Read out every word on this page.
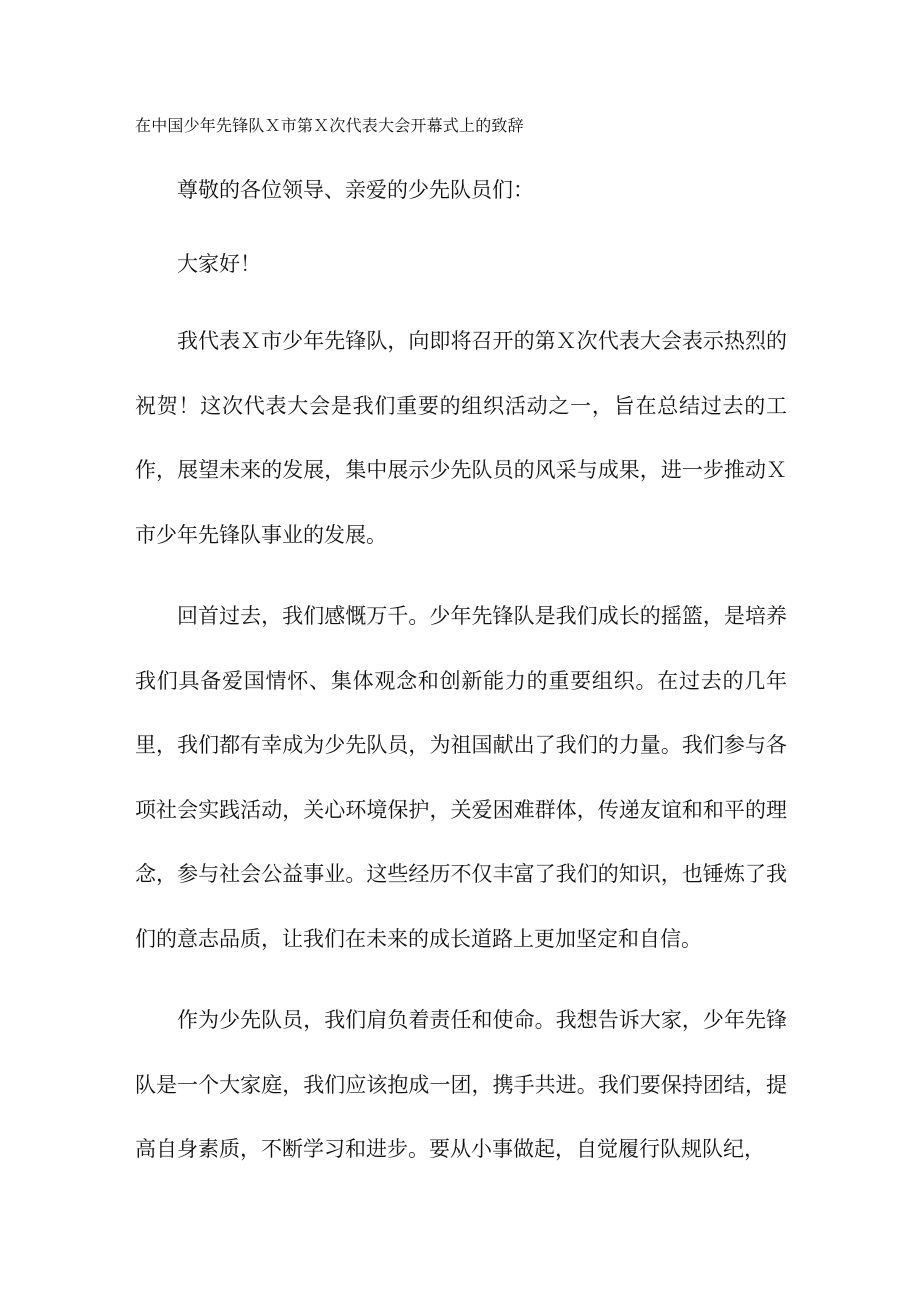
在中国少年先锋队Ｘ市第Ｘ次代表大会开幕式上的致辞

尊敬的各位领导、亲爱的少先队员们：

大家好！

我代表Ｘ市少年先锋队，向即将召开的第Ｘ次代表大会表示热烈的祝贺！这次代表大会是我们重要的组织活动之一，旨在总结过去的工作，展望未来的发展，集中展示少先队员的风采与成果，进一步推动Ｘ市少年先锋队事业的发展。

回首过去，我们感慨万千。少年先锋队是我们成长的摇篮，是培养我们具备爱国情怀、集体观念和创新能力的重要组织。在过去的几年里，我们都有幸成为少先队员，为祖国献出了我们的力量。我们参与各项社会实践活动，关心环境保护，关爱困难群体，传递友谊和和平的理念，参与社会公益事业。这些经历不仅丰富了我们的知识，也锤炼了我们的意志品质，让我们在未来的成长道路上更加坚定和自信。

作为少先队员，我们肩负着责任和使命。我想告诉大家，少年先锋队是一个大家庭，我们应该抱成一团，携手共进。我们要保持团结，提高自身素质，不断学习和进步。要从小事做起，自觉履行队规队纪，
